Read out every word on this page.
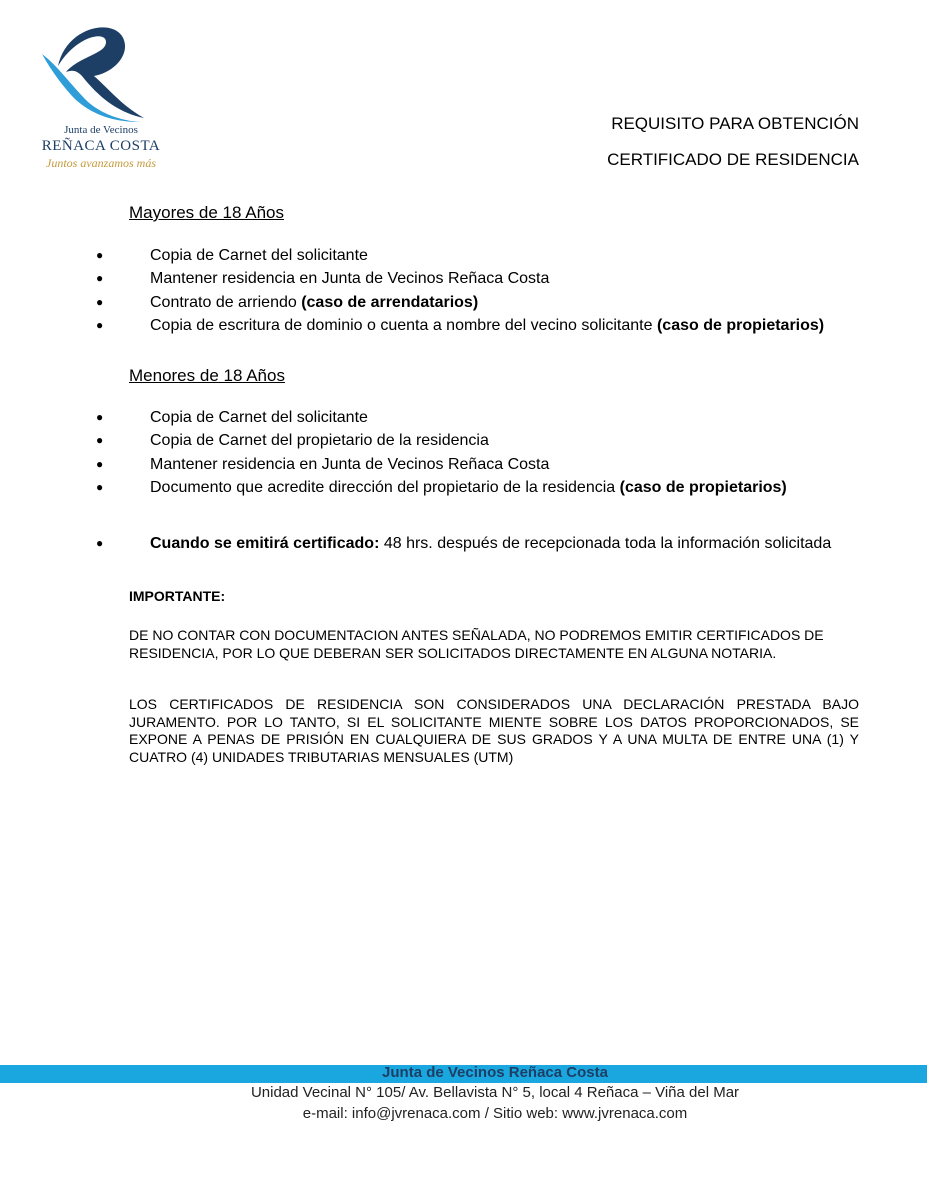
Junta de Vecinos
REÑACA COSTA
Juntos avanzamos más
REQUISITO PARA OBTENCIÓN
CERTIFICADO DE RESIDENCIA
Mayores de 18 Años
●	Copia de Carnet del solicitante
●	Mantener residencia en Junta de Vecinos Reñaca Costa
●	Contrato de arriendo (caso de arrendatarios)
●	Copia de escritura de dominio o cuenta a nombre del vecino solicitante (caso de propietarios)
Menores de 18 Años
●	Copia de Carnet del solicitante
●	Copia de Carnet del propietario de la residencia
●	Mantener residencia en Junta de Vecinos Reñaca Costa
●	Documento que acredite dirección del propietario de la residencia (caso de propietarios)
●	Cuando se emitirá certificado: 48 hrs. después de recepcionada toda la información solicitada
IMPORTANTE:
DE NO CONTAR CON DOCUMENTACION ANTES SEÑALADA, NO PODREMOS EMITIR CERTIFICADOS DE RESIDENCIA, POR LO QUE DEBERAN SER SOLICITADOS DIRECTAMENTE EN ALGUNA NOTARIA.
LOS CERTIFICADOS DE RESIDENCIA SON CONSIDERADOS UNA DECLARACIÓN PRESTADA BAJO JURAMENTO. POR LO TANTO, SI EL SOLICITANTE MIENTE SOBRE LOS DATOS PROPORCIONADOS, SE EXPONE A PENAS DE PRISIÓN EN CUALQUIERA DE SUS GRADOS Y A UNA MULTA DE ENTRE UNA (1) Y CUATRO (4) UNIDADES TRIBUTARIAS MENSUALES (UTM)
Junta de Vecinos Reñaca Costa
Unidad Vecinal N° 105/ Av. Bellavista N° 5, local 4 Reñaca – Viña del Mar
e-mail: info@jvrenaca.com / Sitio web: www.jvrenaca.com
